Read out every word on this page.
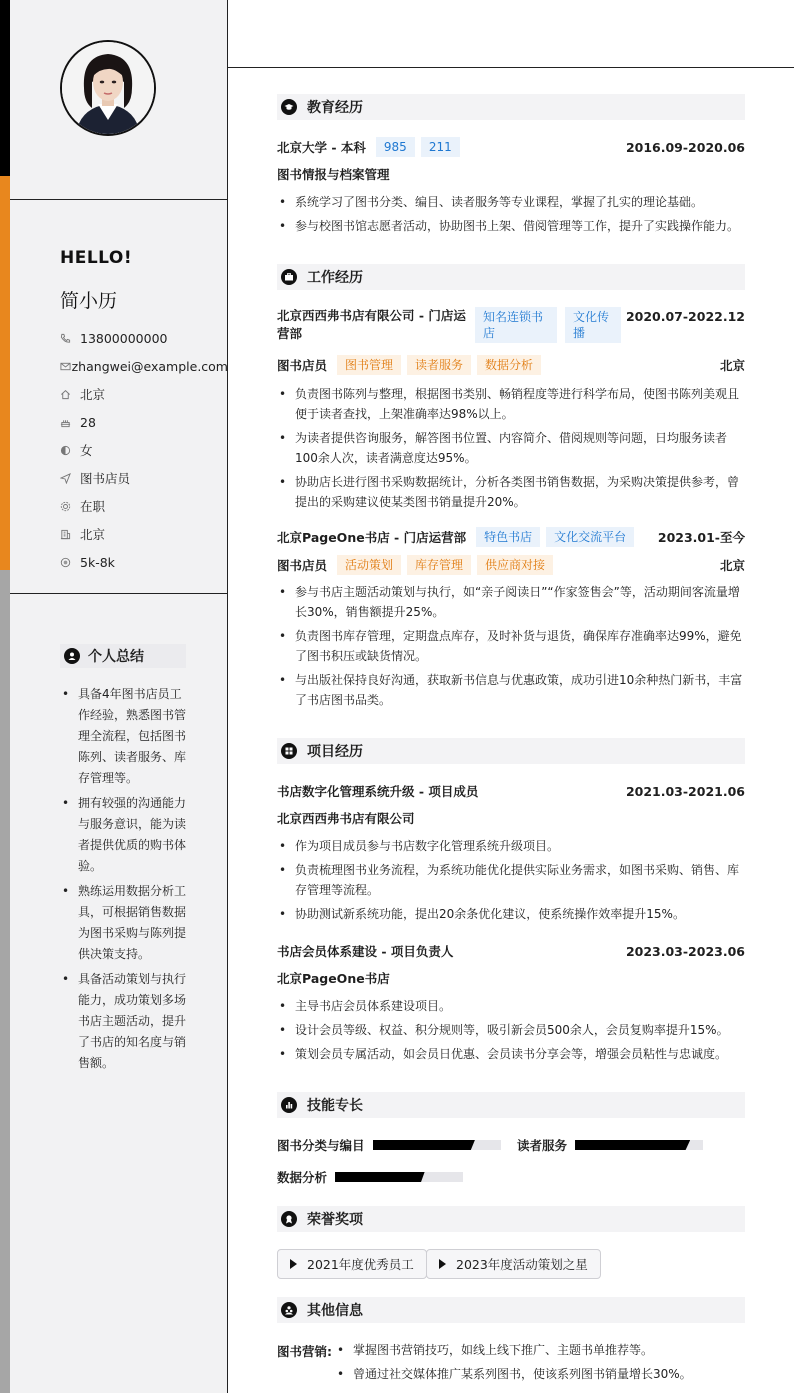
HELLO!
简小历
13800000000
zhangwei@example.com
北京
28
女
图书店员
在职
北京
5k-8k
个人总结
• 具备4年图书店员工作经验，熟悉图书管理全流程，包括图书陈列、读者服务、库存管理等。
• 拥有较强的沟通能力与服务意识，能为读者提供优质的购书体验。
• 熟练运用数据分析工具，可根据销售数据为图书采购与陈列提供决策支持。
• 具备活动策划与执行能力，成功策划多场书店主题活动，提升了书店的知名度与销售额。
教育经历
北京大学 - 本科	985	211	2016.09-2020.06
图书情报与档案管理
• 系统学习了图书分类、编目、读者服务等专业课程，掌握了扎实的理论基础。
• 参与校图书馆志愿者活动，协助图书上架、借阅管理等工作，提升了实践操作能力。
工作经历
北京西西弗书店有限公司 - 门店运营部
知名连锁书店
文化传播
2020.07-2022.12
图书店员	图书管理	读者服务	数据分析	北京
• 负责图书陈列与整理，根据图书类别、畅销程度等进行科学布局，使图书陈列美观且便于读者查找，上架准确率达98%以上。
• 为读者提供咨询服务，解答图书位置、内容简介、借阅规则等问题，日均服务读者100余人次，读者满意度达95%。
• 协助店长进行图书采购数据统计，分析各类图书销售数据，为采购决策提供参考，曾提出的采购建议使某类图书销量提升20%。
北京PageOne书店 - 门店运营部	特色书店	文化交流平台	2023.01-至今
图书店员	活动策划	库存管理	供应商对接	北京
• 参与书店主题活动策划与执行，如“亲子阅读日”“作家签售会”等，活动期间客流量增长30%，销售额提升25%。
• 负责图书库存管理，定期盘点库存，及时补货与退货，确保库存准确率达99%，避免了图书积压或缺货情况。
• 与出版社保持良好沟通，获取新书信息与优惠政策，成功引进10余种热门新书，丰富了书店图书品类。
项目经历
书店数字化管理系统升级 - 项目成员	2021.03-2021.06
北京西西弗书店有限公司
• 作为项目成员参与书店数字化管理系统升级项目。
• 负责梳理图书业务流程，为系统功能优化提供实际业务需求，如图书采购、销售、库存管理等流程。
• 协助测试新系统功能，提出20余条优化建议，使系统操作效率提升15%。
书店会员体系建设 - 项目负责人	2023.03-2023.06
北京PageOne书店
• 主导书店会员体系建设项目。
• 设计会员等级、权益、积分规则等，吸引新会员500余人，会员复购率提升15%。
• 策划会员专属活动，如会员日优惠、会员读书分享会等，增强会员粘性与忠诚度。
技能专长
图书分类与编目	读者服务
数据分析
荣誉奖项
2021年度优秀员工	2023年度活动策划之星
其他信息
图书营销:
•	掌握图书营销技巧，如线上线下推广、主题书单推荐等。
• 曾通过社交媒体推广某系列图书，使该系列图书销量增长30%。
